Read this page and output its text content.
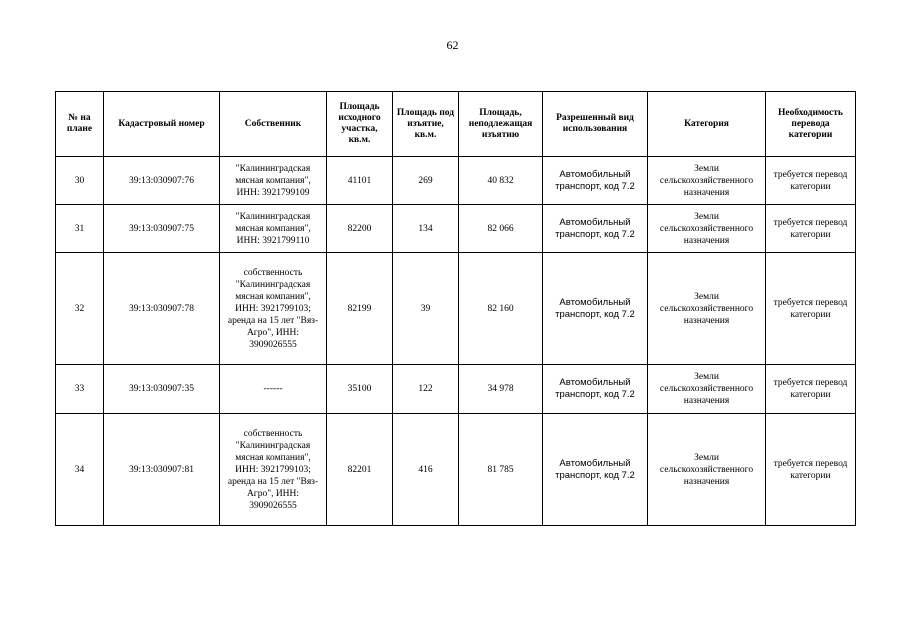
62
№ на плане	Кадастровый номер	Собственник	Площадь исходного участка, кв.м.	Площадь под изъятие, кв.м.	Площадь, неподлежащая изъятию	Разрешенный вид использования	Категория	Необходимость перевода категории
30	39:13:030907:76	"Калининградская мясная компания", ИНН: 3921799109	41101	269	40 832	Автомобильный транспорт, код 7.2	Земли сельскохозяйственного назначения	требуется перевод категории
31	39:13:030907:75	"Калининградская мясная компания", ИНН: 3921799110	82200	134	82 066	Автомобильный транспорт, код 7.2	Земли сельскохозяйственного назначения	требуется перевод категории
32	39:13:030907:78	собственность "Калининградская мясная компания", ИНН: 3921799103; аренда на 15 лет "Вяз-Агро", ИНН: 3909026555	82199	39	82 160	Автомобильный транспорт, код 7.2	Земли сельскохозяйственного назначения	требуется перевод категории
33	39:13:030907:35	------	35100	122	34 978	Автомобильный транспорт, код 7.2	Земли сельскохозяйственного назначения	требуется перевод категории
34	39:13:030907:81	собственность "Калининградская мясная компания", ИНН: 3921799103; аренда на 15 лет "Вяз-Агро", ИНН: 3909026555	82201	416	81 785	Автомобильный транспорт, код 7.2	Земли сельскохозяйственного назначения	требуется перевод категории
